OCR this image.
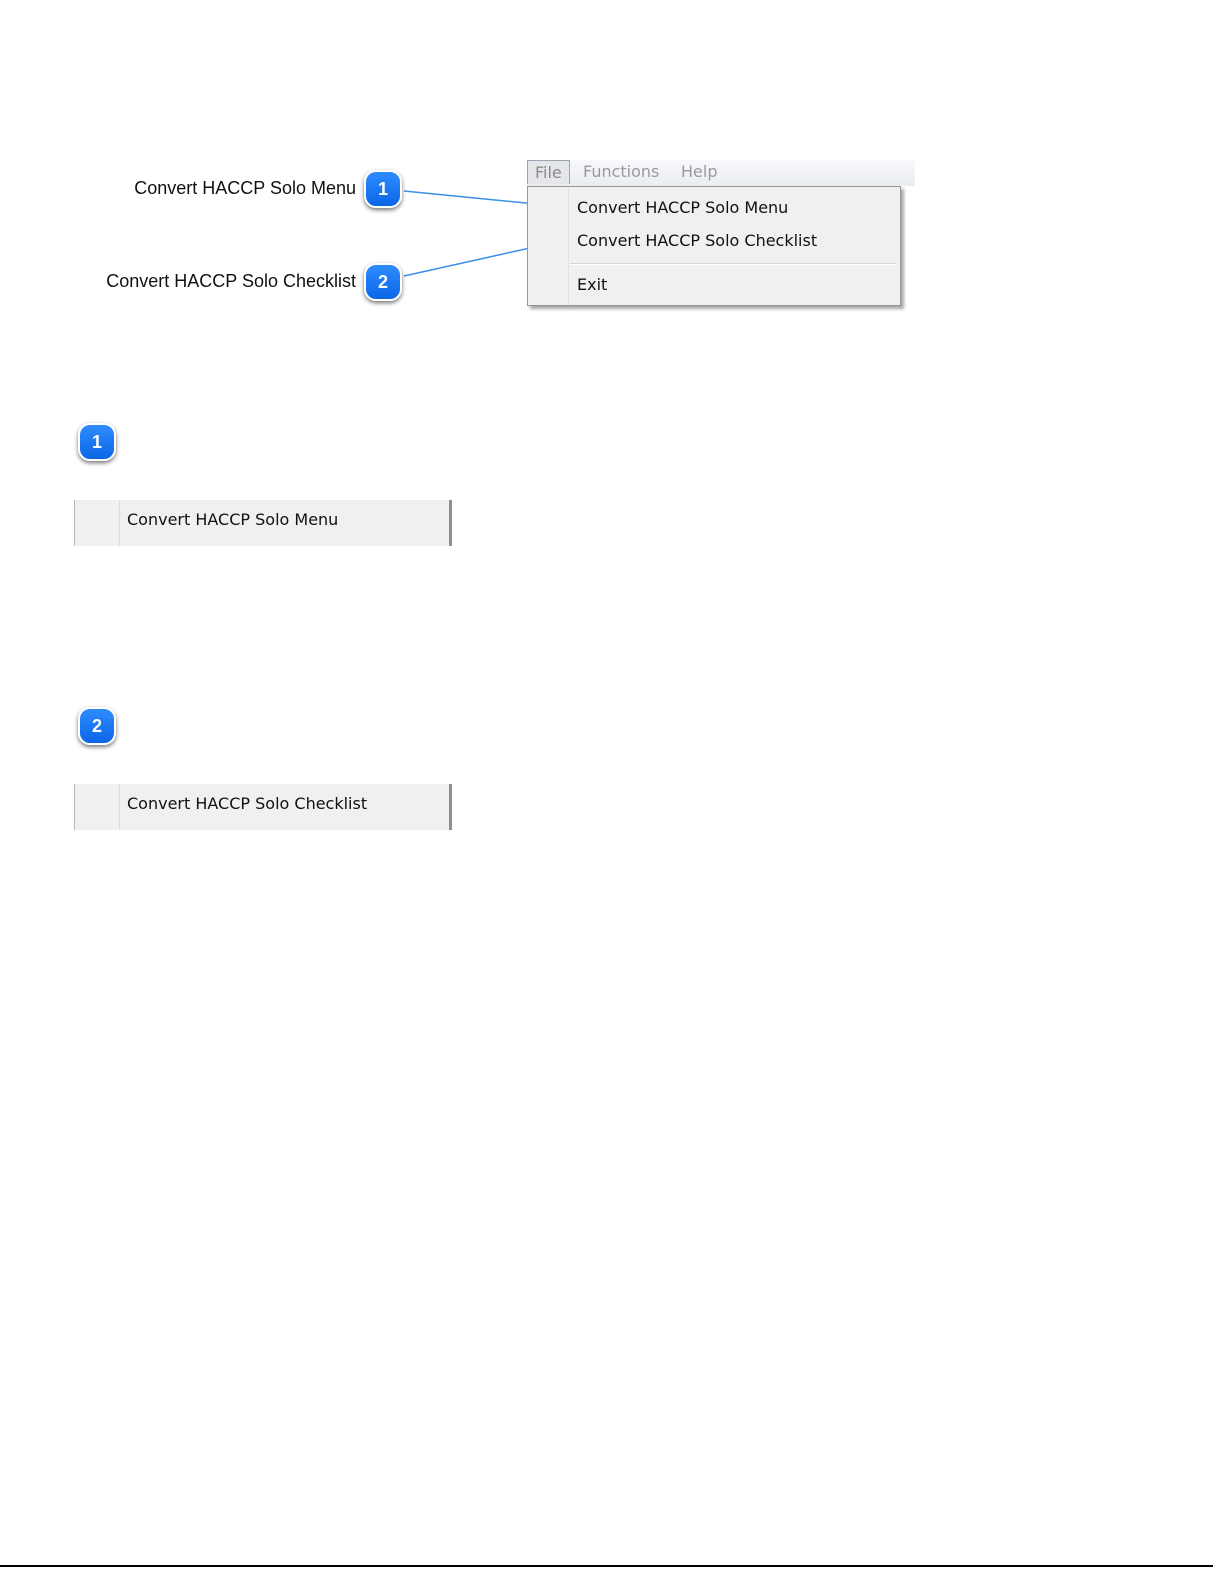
Convert HACCP Solo Menu	1
Convert HACCP Solo Checklist	2
File	Functions Help
Convert HACCP Solo Menu
Convert HACCP Solo Checklist
Exit
1
Convert HACCP Solo Menu
2
Convert HACCP Solo Checklist
